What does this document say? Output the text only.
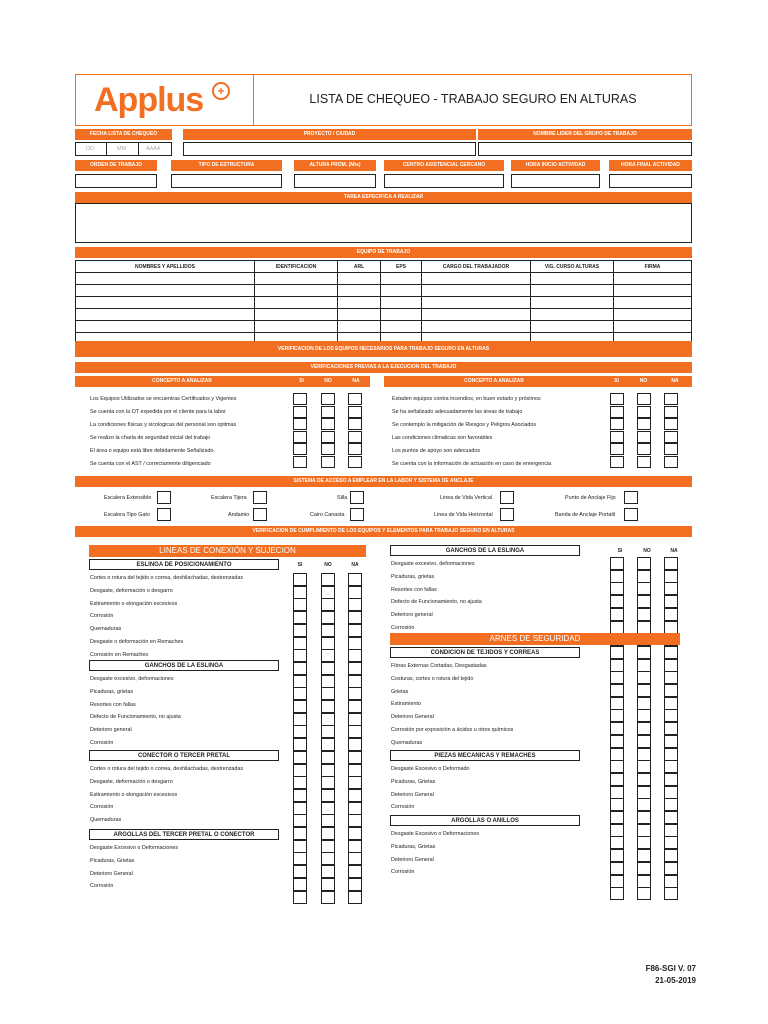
Applus	+
LISTA DE CHEQUEO - TRABAJO SEGURO EN ALTURAS
FECHA LISTA DE CHEQUEO
DD	MM	AAAA
PROYECTO / CIUDAD	NOMBRE LIDER DEL GRUPO DE TRABAJO
ORDEN DE TRABAJO	TIPO DE ESTRUCTURA	ALTURA PROM. (Mts)	CENTRO ASISTENCIAL CERCANO	HORA INICIO ACTIVIDAD	HORA FINAL ACTIVIDAD
TAREA ESPECIFICA A REALIZAR
EQUIPO DE TRABAJO
NOMBRES Y APELLIDOS	IDENTIFICACION	ARL	EPS	CARGO DEL TRABAJADOR	VIG. CURSO ALTURAS	FIRMA

VERIFICACION DE LOS EQUIPOS NECESARIOS PARA TRABAJO SEGURO EN ALTURAS
VERIFICACIONES PREVIAS A LA EJECUCION DEL TRABAJO
CONCEPTO A ANALIZAR	SI	NO	NA	CONCEPTO A ANALIZAR	SI	NO	NA
Los Equipos Utilizados se encuentras Certificados y Vigentes
Se cuenta con la OT expedida por el cliente para la labor
La condiciones físicas y sicologicas del personal son optimas
Se realizo la charla de seguridad inicial del trabajo
El área o equipo está libre debidamente Señalizado.
Se cuenta con el AST / correctamente diligenciado
Estaden equipos contra incendios, en buen estado y próximos
Se ha señalizado adecuadamente las áreas de trabajo
Se contemplo la mitigación de Riesgos y Peligros Asociados
Las condiciones climaticas son favorables
Los puntos de apoyo son adecuados
Se cuenta con la información de actuación en caso de emergencia
SISTEMA DE ACCESO A EMPLEAR EN LA LABOR Y SISTEMA DE ANCLAJE
Escalera Extensible	Escalera Tijera	Silla	Linea de Vida Vertical	Punto de Anclaje Fijo
Escalera Tipo Gato	Andamio	Cairo Canasta	Linea de Vida Horizontal	Banda de Anclaje Portatil
VERIFICACION DE CUMPLIMIENTO DE LOS EQUIPOS Y ELEMENTOS PARA TRABAJO SEGURO EN ALTURAS
LINEAS DE CONEXIÓN Y SUJECION
ESLINGA DE POSICIONAMIENTO	SI	NO	NA
Cortes o rotura del tejido o correa, deshilachadas, destrenzadas
Desgaste, deformación o desgarro
Estiramiento o elongación excesivos
Corrosión
Quemaduras
Desgaste o deformación en Remaches
Corrosión en Remaches
GANCHOS DE LA ESLINGA
Desgaste excesivo, deformaciones
Picaduras, grietas
Resortes con fallas
Defecto de Funcionamiento, no ajusta
Deterioro general
Corrosión
CONECTOR O TERCER PRETAL
Cortes o rotura del tejido o correa, deshilachadas, destrenzadas
Desgaste, deformación o desgarro
Estiramiento o elongación excesivos
Corrosión
Quemaduras
ARGOLLAS DEL TERCER PRETAL O CONECTOR
Desgaste Excesivo o Deformaciones
Picaduras, Grietas
Deterioro General
Corrosión
GANCHOS DE LA ESLINGA	SI	NO	NA
Desgaste excesivo, deformaciones
Picaduras, grietas
Resortes con fallas
Defecto de Funcionamiento, no ajusta
Deterioro general
Corrosión
CONDICION DE TEJIDOS Y CORREAS
Fibras Externas Cortadas, Desgastadas
Costuras, cortes o rotura del tejido
Grietas
Estiramiento
Deterioro General
Corrosión por exposición a ácidos u otros químicos
Quemaduras
PIEZAS MECANICAS Y REMACHES
Desgaste Excesivo o Deformado
Picaduras, Grietas
Deterioro General
Corrosión
ARGOLLAS O ANILLOS
Desgaste Excesivo o Deformaciones
Picaduras, Grietas
Deterioro General
Corrosión
ARNES DE SEGURIDAD
F86-SGI V. 07
21-05-2019
